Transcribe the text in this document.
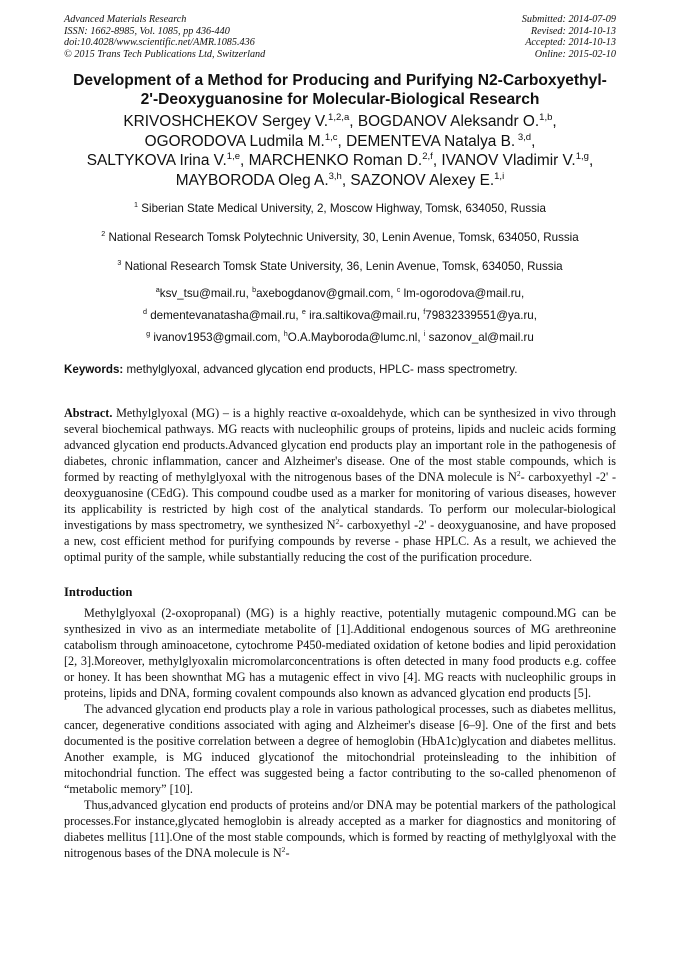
Advanced Materials Research
ISSN: 1662-8985, Vol. 1085, pp 436-440
doi:10.4028/www.scientific.net/AMR.1085.436
© 2015 Trans Tech Publications Ltd, Switzerland
Submitted: 2014-07-09
Revised: 2014-10-13
Accepted: 2014-10-13
Online: 2015-02-10
Development of a Method for Producing and Purifying N2-Carboxyethyl-
2'-Deoxyguanosine for Molecular-Biological Research
KRIVOSHCHEKOV Sergey V.$^{1,2,a}$, BOGDANOV Aleksandr O.$^{1,b}$,
OGORODOVA Ludmila M.$^{1,c}$, DEMENTEVA Natalya B. $^{3,d}$,
SALTYKOVA Irina V.$^{1,e}$, MARCHENKO Roman D.$^{2,f}$, IVANOV Vladimir V.$^{1,g}$,
MAYBORODA Oleg A.$^{3,h}$, SAZONOV Alexey E.$^{1,i}$
$^1$ Siberian State Medical University, 2, Moscow Highway, Tomsk, 634050, Russia
$^2$ National Research Tomsk Polytechnic University, 30, Lenin Avenue, Tomsk, 634050, Russia
$^3$ National Research Tomsk State University, 36, Lenin Avenue, Tomsk, 634050, Russia
$^a$ksv_tsu@mail.ru, $^b$axebogdanov@gmail.com, $^c$ lm-ogorodova@mail.ru,
$^d$ dementevanatasha@mail.ru, $^e$ ira.saltikova@mail.ru, $^f$79832339551@ya.ru,
$^g$ ivanov1953@gmail.com, $^h$O.A.Mayboroda@lumc.nl, $^i$ sazonov_al@mail.ru
Keywords: methylglyoxal, advanced glycation end products, HPLC- mass spectrometry.
Abstract. Methylglyoxal (MG) – is a highly reactive α-oxoaldehyde, which can be synthesized in vivo through several biochemical pathways. MG reacts with nucleophilic groups of proteins, lipids and nucleic acids forming advanced glycation end products.Advanced glycation end products play an important role in the pathogenesis of diabetes, chronic inflammation, cancer and Alzheimer's disease. One of the most stable compounds, which is formed by reacting of methylglyoxal with the nitrogenous bases of the DNA molecule is $N^2-$ carboxyethyl -2' - deoxyguanosine (CEdG). This compound coudbe used as a marker for monitoring of various diseases, however its applicability is restricted by high cost of the analytical standards. To perform our molecular-biological investigations by mass spectrometry, we synthesized $N^2-$ carboxyethyl -2' - deoxyguanosine, and have proposed a new, cost efficient method for purifying compounds by reverse - phase HPLC. As a result, we achieved the optimal purity of the sample, while substantially reducing the cost of the purification procedure.
Introduction
Methylglyoxal (2-oxopropanal) (MG) is a highly reactive, potentially mutagenic compound.MG can be synthesized in vivo as an intermediate metabolite of [1].Additional endogenous sources of MG arethreonine catabolism through aminoacetone, cytochrome P450-mediated oxidation of ketone bodies and lipid peroxidation [2, 3].Moreover, methylglyoxalin micromolarconcentrations is often detected in many food products e.g. coffee or honey. It has been shownthat MG has a mutagenic effect in vivo [4]. MG reacts with nucleophilic groups in proteins, lipids and DNA, forming covalent compounds also known as advanced glycation end products [5].
The advanced glycation end products play a role in various pathological processes, such as diabetes mellitus, cancer, degenerative conditions associated with aging and Alzheimer's disease [6–9]. One of the first and bets documented is the positive correlation between a degree of hemoglobin (HbA1c)glycation and diabetes mellitus. Another example, is MG induced glycationof the mitochondrial proteinsleading to the inhibition of mitochondrial function. The effect was suggested being a factor contributing to the so-called phenomenon of “metabolic memory” [10].
Thus,advanced glycation end products of proteins and/or DNA may be potential markers of the pathological processes.For instance,glycated hemoglobin is already accepted as a marker for diagnostics and monitoring of diabetes mellitus [11].One of the most stable compounds, which is formed by reacting of methylglyoxal with the nitrogenous bases of the DNA molecule is $N^2-$
